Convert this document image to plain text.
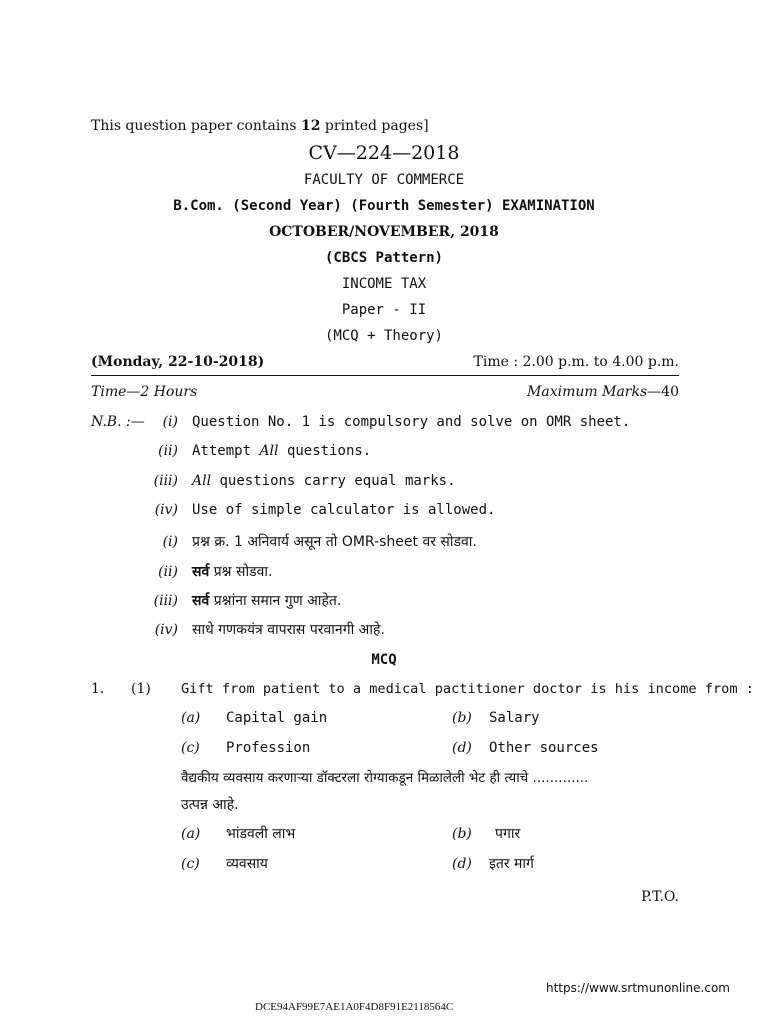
This question paper contains 12 printed pages]
CV—224—2018
FACULTY OF COMMERCE
B.Com. (Second Year) (Fourth Semester) EXAMINATION
OCTOBER/NOVEMBER, 2018
(CBCS Pattern)
INCOME TAX
Paper - II
(MCQ + Theory)
(Monday, 22-10-2018)	Time : 2.00 p.m. to 4.00 p.m.
Time—2 Hours	Maximum Marks—40
N.B. :—	(i) Question No. 1 is compulsory and solve on OMR sheet.
(ii) Attempt All questions.
(iii) All questions carry equal marks.
(iv) Use of simple calculator is allowed.
(i) प्रश्न क्र. 1 अनिवार्य असून तो OMR-sheet वर सोडवा.
(ii) सर्व प्रश्न सोडवा.
(iii) सर्व प्रश्नांना समान गुण आहेत.
(iv) साधे गणकयंत्र वापरास परवानगी आहे.
MCQ
1. (1) Gift from patient to a medical pactitioner doctor is his income from :
(a) Capital gain	(b) Salary
(c) Profession	(d) Other sources
वैद्यकीय व्यवसाय करणाऱ्या डॉक्टरला रोग्याकडून मिळालेली भेट ही त्याचे .............
उत्पन्न आहे.
(a) भांडवली लाभ	(b) पगार
(c) व्यवसाय	(d) इतर मार्ग
P.T.O.
https://www.srtmunonline.com
DCE94AF99E7AE1A0F4D8F91E2118564C
